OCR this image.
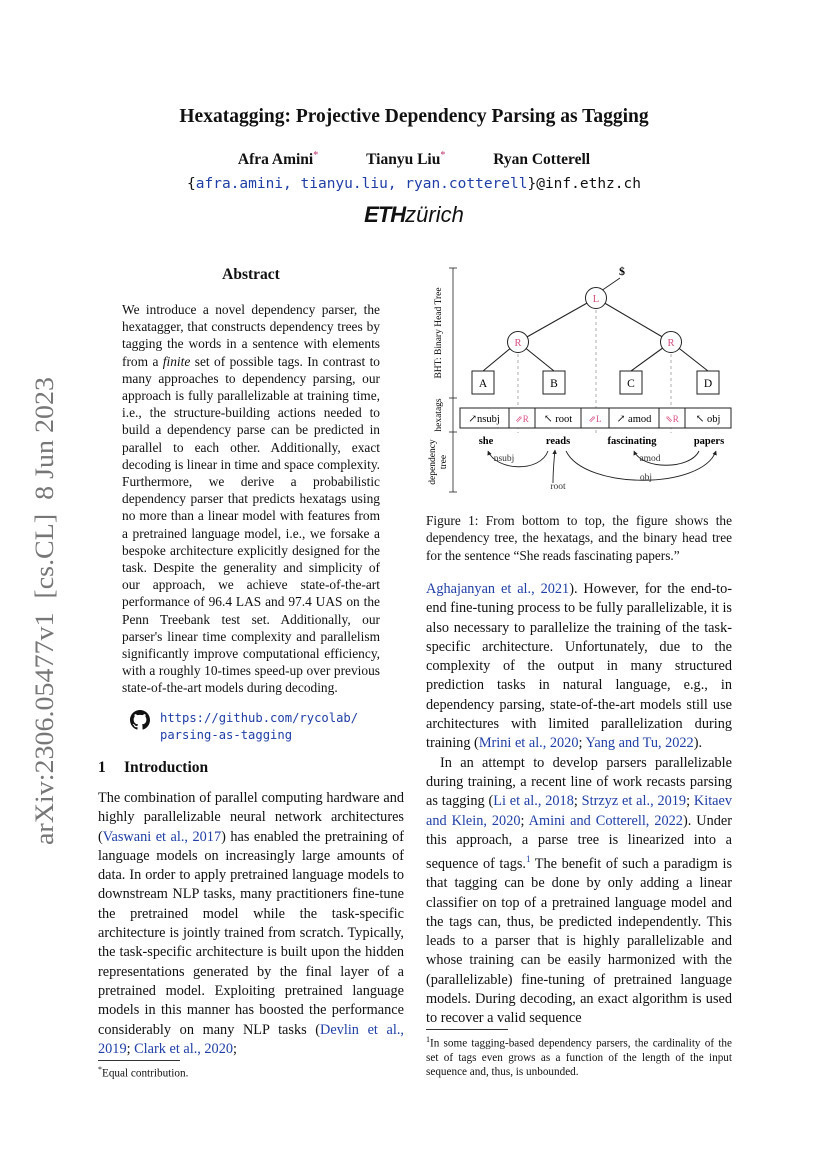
Hexatagging: Projective Dependency Parsing as Tagging
Afra Amini*	Tianyu Liu*	Ryan Cotterell
{afra.amini, tianyu.liu, ryan.cotterell}@inf.ethz.ch
ETHzürich
arXiv:2306.05477v1  [cs.CL]  8 Jun 2023
Abstract

We introduce a novel dependency parser, the hexatagger, that constructs dependency trees by tagging the words in a sentence with elements from a finite set of possible tags. In contrast to many approaches to dependency parsing, our approach is fully parallelizable at training time, i.e., the structure-building actions needed to build a dependency parse can be predicted in parallel to each other. Additionally, exact decoding is linear in time and space complexity. Furthermore, we derive a probabilistic dependency parser that predicts hexatags using no more than a linear model with features from a pretrained language model, i.e., we forsake a bespoke architecture explicitly designed for the task. Despite the generality and simplicity of our approach, we achieve state-of-the-art performance of 96.4 LAS and 97.4 UAS on the Penn Treebank test set. Additionally, our parser's linear time complexity and parallelism significantly improve computational efficiency, with a roughly 10-times speed-up over previous state-of-the-art models during decoding.

https://github.com/rycolab/
parsing-as-tagging
1 Introduction

The combination of parallel computing hardware and highly parallelizable neural network architectures (Vaswani et al., 2017) has enabled the pretraining of language models on increasingly large amounts of data. In order to apply pretrained language models to downstream NLP tasks, many practitioners fine-tune the pretrained model while the task-specific architecture is jointly trained from scratch. Typically, the task-specific architecture is built upon the hidden representations generated by the final layer of a pretrained model. Exploiting pretrained language models in this manner has boosted the performance considerably on many NLP tasks (Devlin et al., 2019; Clark et al., 2020;

*Equal contribution.
BHT: Binary Head Tree
hexatags
dependency tree
$
L
R	R
A	B	C	D
↗nsubj ⇗R ↖ root ⇗L ↗ amod ⇖R ↖ obj
she	reads	fascinating	papers
nsubj
root
amod
obj
Figure 1: From bottom to top, the figure shows the dependency tree, the hexatags, and the binary head tree for the sentence “She reads fascinating papers.”

Aghajanyan et al., 2021). However, for the end-to-end fine-tuning process to be fully parallelizable, it is also necessary to parallelize the training of the task-specific architecture. Unfortunately, due to the complexity of the output in many structured prediction tasks in natural language, e.g., in dependency parsing, state-of-the-art models still use architectures with limited parallelization during training (Mrini et al., 2020; Yang and Tu, 2022).

In an attempt to develop parsers parallelizable during training, a recent line of work recasts parsing as tagging (Li et al., 2018; Strzyz et al., 2019; Kitaev and Klein, 2020; Amini and Cotterell, 2022). Under this approach, a parse tree is linearized into a sequence of tags.$^1$ The benefit of such a paradigm is that tagging can be done by only adding a linear classifier on top of a pretrained language model and the tags can, thus, be predicted independently. This leads to a parser that is highly parallelizable and whose training can be easily harmonized with the (parallelizable) fine-tuning of pretrained language models. During decoding, an exact algorithm is used to recover a valid sequence

$^1$In some tagging-based dependency parsers, the cardinality of the set of tags even grows as a function of the length of the input sequence and, thus, is unbounded.
